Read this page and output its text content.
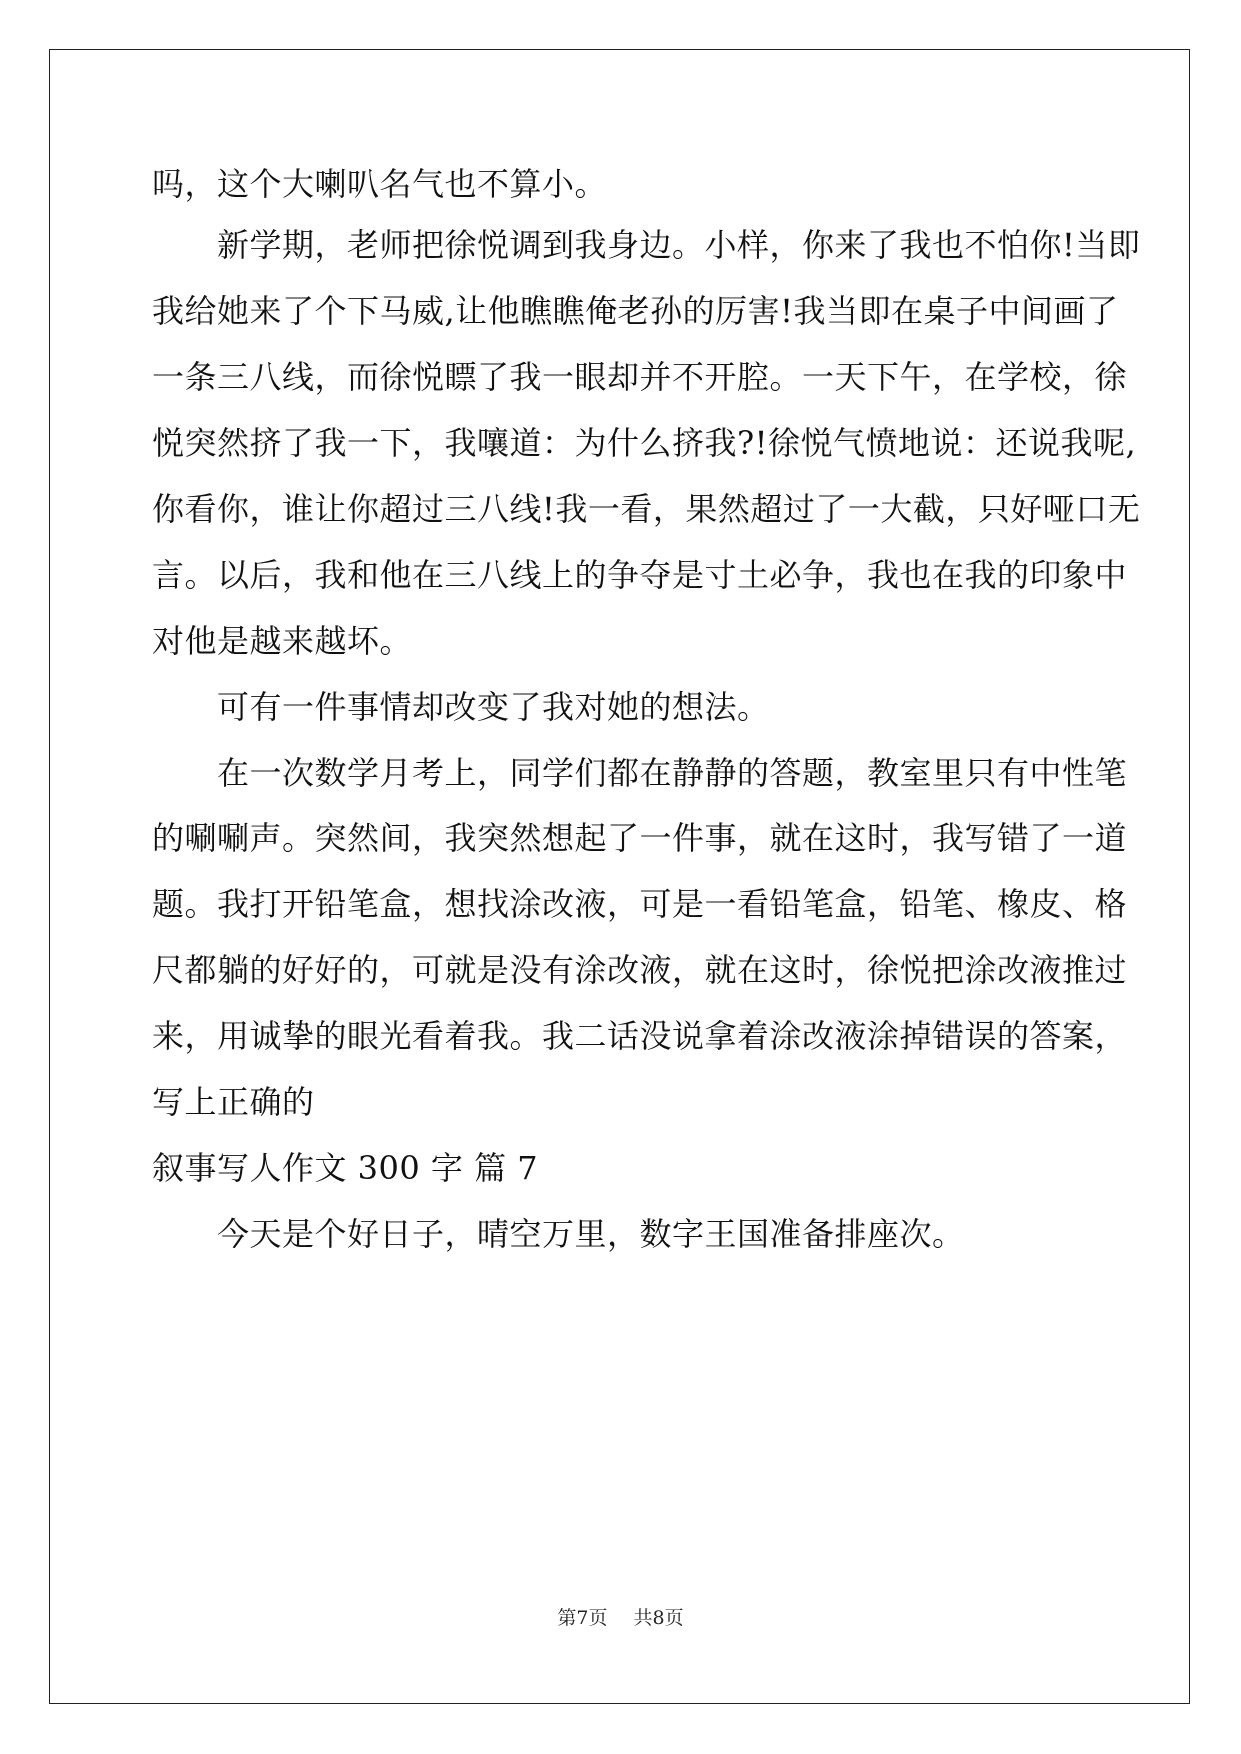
吗，这个大喇叭名气也不算小。
　　新学期，老师把徐悦调到我身边。小样，你来了我也不怕你!当即
我给她来了个下马威,让他瞧瞧俺老孙的厉害!我当即在桌子中间画了
一条三八线，而徐悦瞟了我一眼却并不开腔。一天下午，在学校，徐
悦突然挤了我一下，我嚷道：为什么挤我?!徐悦气愤地说：还说我呢,
你看你，谁让你超过三八线!我一看，果然超过了一大截，只好哑口无
言。以后，我和他在三八线上的争夺是寸土必争，我也在我的印象中
对他是越来越坏。
　　可有一件事情却改变了我对她的想法。
　　在一次数学月考上，同学们都在静静的答题，教室里只有中性笔
的唰唰声。突然间，我突然想起了一件事，就在这时，我写错了一道
题。我打开铅笔盒，想找涂改液，可是一看铅笔盒，铅笔、橡皮、格
尺都躺的好好的，可就是没有涂改液，就在这时，徐悦把涂改液推过
来，用诚挚的眼光看着我。我二话没说拿着涂改液涂掉错误的答案，
写上正确的
叙事写人作文 300 字 篇 7
　　今天是个好日子，晴空万里，数字王国准备排座次。
第7页 共8页
